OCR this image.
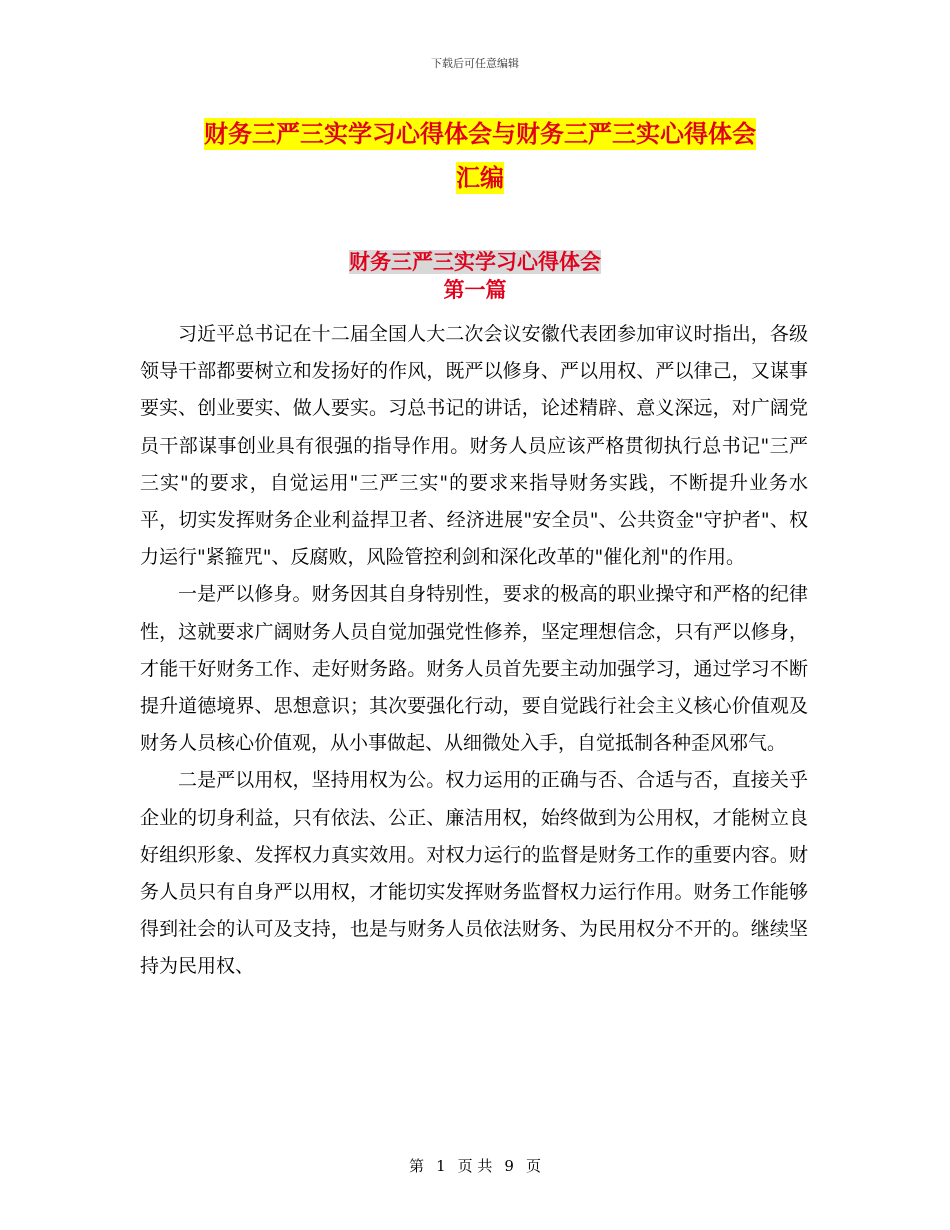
下载后可任意编辑
财务三严三实学习心得体会与财务三严三实心得体会
汇编
财务三严三实学习心得体会
第一篇

习近平总书记在十二届全国人大二次会议安徽代表团参加审议时指出，各级领导干部都要树立和发扬好的作风，既严以修身、严以用权、严以律己，又谋事要实、创业要实、做人要实。习总书记的讲话，论述精辟、意义深远，对广阔党员干部谋事创业具有很强的指导作用。财务人员应该严格贯彻执行总书记"三严三实"的要求，自觉运用"三严三实"的要求来指导财务实践，不断提升业务水平，切实发挥财务企业利益捍卫者、经济进展"安全员"、公共资金"守护者"、权力运行"紧箍咒"、反腐败，风险管控利剑和深化改革的"催化剂"的作用。

一是严以修身。财务因其自身特别性，要求的极高的职业操守和严格的纪律性，这就要求广阔财务人员自觉加强党性修养，坚定理想信念，只有严以修身，才能干好财务工作、走好财务路。财务人员首先要主动加强学习，通过学习不断提升道德境界、思想意识；其次要强化行动，要自觉践行社会主义核心价值观及财务人员核心价值观，从小事做起、从细微处入手，自觉抵制各种歪风邪气。

二是严以用权，坚持用权为公。权力运用的正确与否、合适与否，直接关乎企业的切身利益，只有依法、公正、廉洁用权，始终做到为公用权，才能树立良好组织形象、发挥权力真实效用。对权力运行的监督是财务工作的重要内容。财务人员只有自身严以用权，才能切实发挥财务监督权力运行作用。财务工作能够得到社会的认可及支持，也是与财务人员依法财务、为民用权分不开的。继续坚持为民用权、

第 1 页 共 9 页
